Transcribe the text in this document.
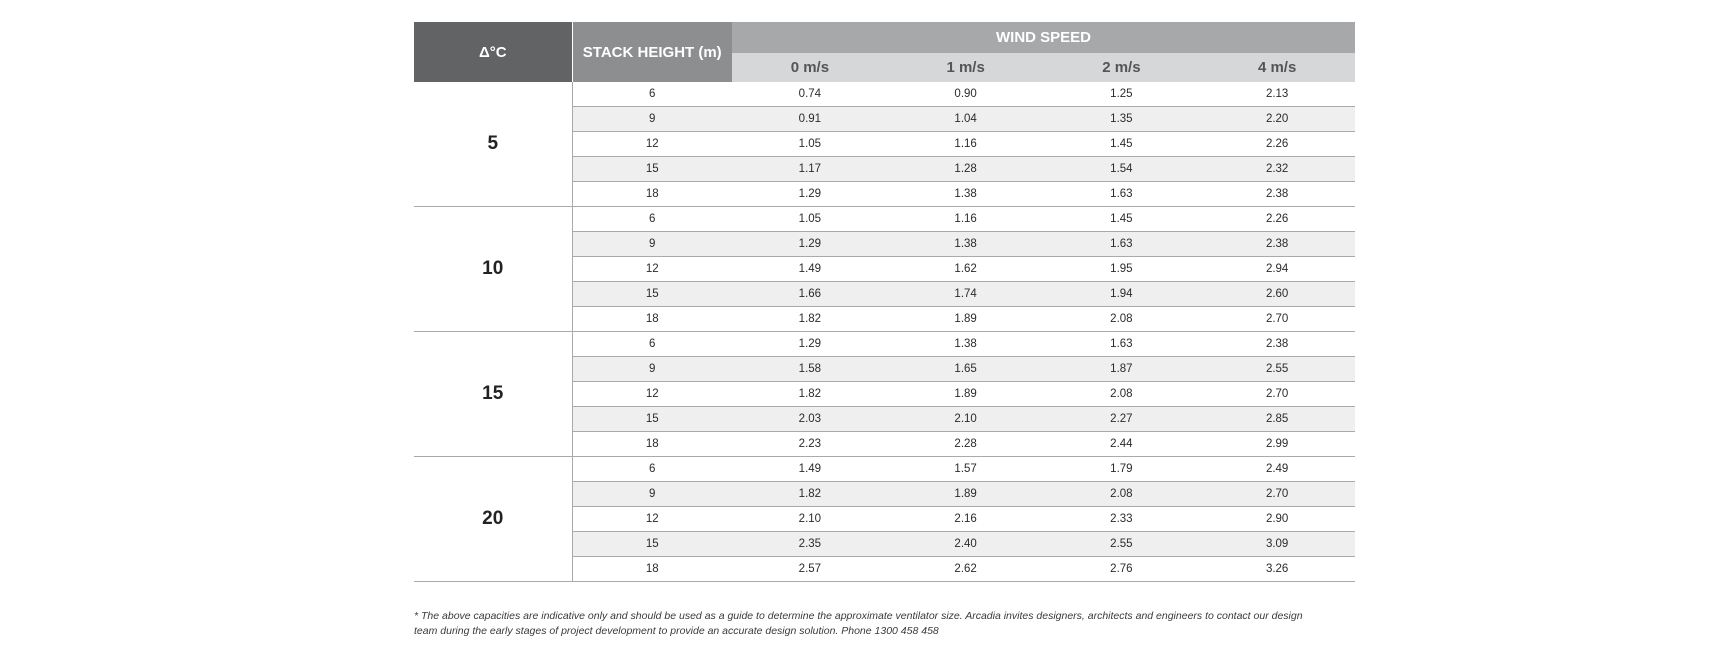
Δ°C	STACK HEIGHT (m)	WIND SPEED			
		0 m/s	1 m/s	2 m/s	4 m/s
5	6	0.74	0.90	1.25	2.13
	9	0.91	1.04	1.35	2.20
	12	1.05	1.16	1.45	2.26
	15	1.17	1.28	1.54	2.32
	18	1.29	1.38	1.63	2.38
10	6	1.05	1.16	1.45	2.26
	9	1.29	1.38	1.63	2.38
	12	1.49	1.62	1.95	2.94
	15	1.66	1.74	1.94	2.60
	18	1.82	1.89	2.08	2.70
15	6	1.29	1.38	1.63	2.38
	9	1.58	1.65	1.87	2.55
	12	1.82	1.89	2.08	2.70
	15	2.03	2.10	2.27	2.85
	18	2.23	2.28	2.44	2.99
20	6	1.49	1.57	1.79	2.49
	9	1.82	1.89	2.08	2.70
	12	2.10	2.16	2.33	2.90
	15	2.35	2.40	2.55	3.09
	18	2.57	2.62	2.76	3.26
* The above capacities are indicative only and should be used as a guide to determine the approximate ventilator size. Arcadia invites designers, architects and engineers to contact our design
team during the early stages of project development to provide an accurate design solution. Phone 1300 458 458
